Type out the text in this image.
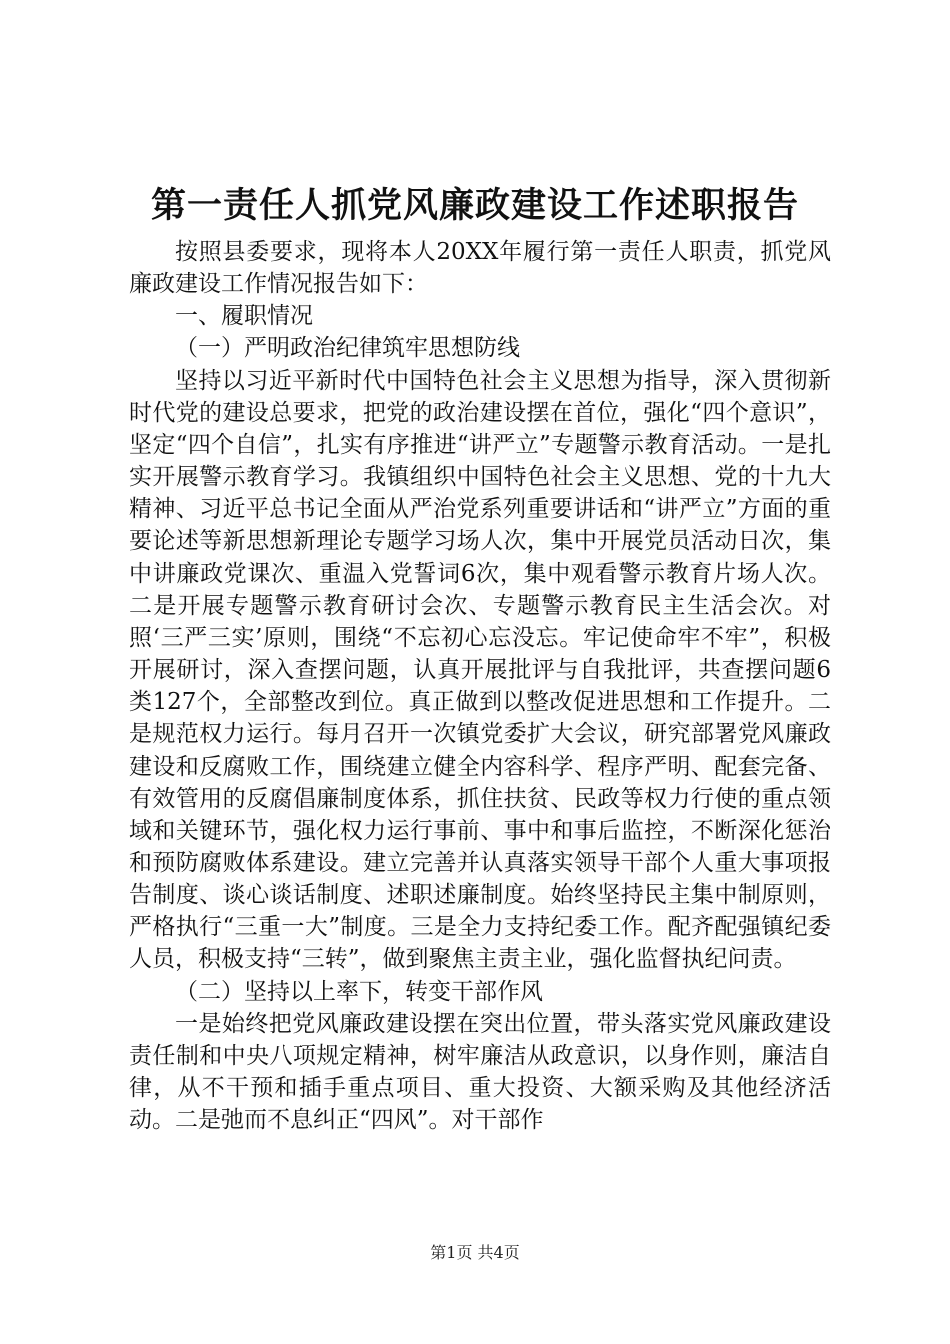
第一责任人抓党风廉政建设工作述职报告

按照县委要求，现将本人20XX年履行第一责任人职责，抓党风廉政建设工作情况报告如下：

一、履职情况

（一）严明政治纪律筑牢思想防线

坚持以习近平新时代中国特色社会主义思想为指导，深入贯彻新时代党的建设总要求，把党的政治建设摆在首位，强化“四个意识”，坚定“四个自信”，扎实有序推进“讲严立”专题警示教育活动。一是扎实开展警示教育学习。我镇组织中国特色社会主义思想、党的十九大精神、习近平总书记全面从严治党系列重要讲话和“讲严立”方面的重要论述等新思想新理论专题学习场人次，集中开展党员活动日次，集中讲廉政党课次、重温入党誓词6次，集中观看警示教育片场人次。二是开展专题警示教育研讨会次、专题警示教育民主生活会次。对照‘三严三实’原则，围绕“不忘初心忘没忘。牢记使命牢不牢”，积极开展研讨，深入查摆问题，认真开展批评与自我批评，共查摆问题6类127个，全部整改到位。真正做到以整改促进思想和工作提升。二是规范权力运行。每月召开一次镇党委扩大会议，研究部署党风廉政建设和反腐败工作，围绕建立健全内容科学、程序严明、配套完备、有效管用的反腐倡廉制度体系，抓住扶贫、民政等权力行使的重点领域和关键环节，强化权力运行事前、事中和事后监控，不断深化惩治和预防腐败体系建设。建立完善并认真落实领导干部个人重大事项报告制度、谈心谈话制度、述职述廉制度。始终坚持民主集中制原则，严格执行“三重一大”制度。三是全力支持纪委工作。配齐配强镇纪委人员，积极支持“三转”，做到聚焦主责主业，强化监督执纪问责。

（二）坚持以上率下，转变干部作风

一是始终把党风廉政建设摆在突出位置，带头落实党风廉政建设责任制和中央八项规定精神，树牢廉洁从政意识，以身作则，廉洁自律，从不干预和插手重点项目、重大投资、大额采购及其他经济活动。二是弛而不息纠正“四风”。对干部作

第1页 共4页
